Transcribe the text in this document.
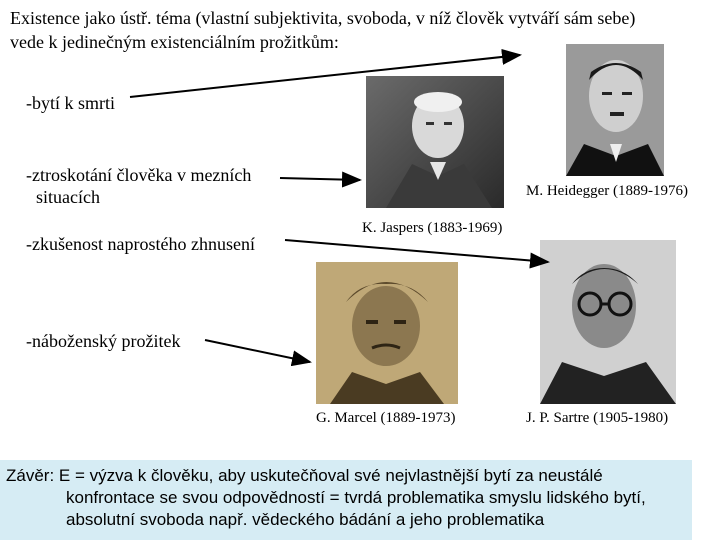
Existence jako ústř. téma (vlastní subjektivita, svoboda, v níž člověk vytváří sám sebe)
vede k jedinečným existenciálním prožitkům:
-bytí k smrti
-ztroskotání člověka v mezních
situacích
-zkušenost naprostého zhnusení
-náboženský prožitek
M. Heidegger (1889-1976)
K. Jaspers (1883-1969)
G. Marcel (1889-1973)	J. P. Sartre (1905-1980)
Závěr: E = výzva k člověku, aby uskutečňoval své nejvlastnější bytí za neustálé
konfrontace se svou odpovědností = tvrdá problematika smyslu lidského bytí,
absolutní svoboda např. vědeckého bádání a jeho problematika
